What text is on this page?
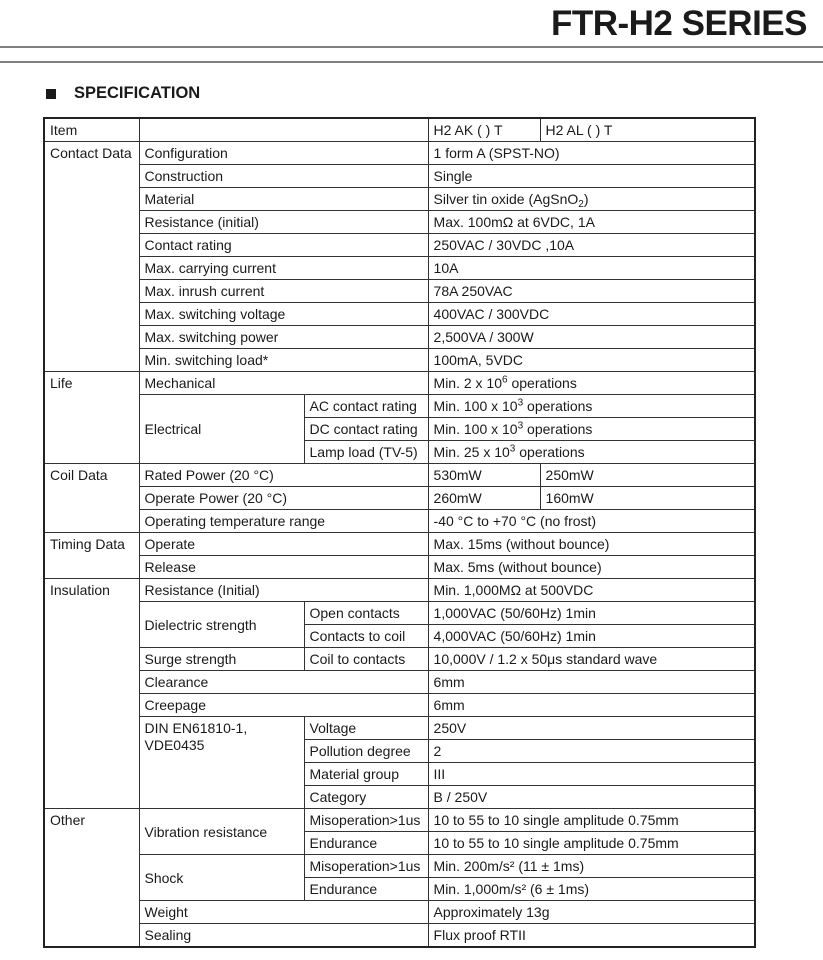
FTR-H2 SERIES
SPECIFICATION
Item			H2 AK ( ) T	H2 AL ( ) T
Contact Data	Configuration		1 form A (SPST-NO)	
	Construction		Single	
	Material		Silver tin oxide (AgSnO$_2$)	
	Resistance (initial)		Max. 100mΩ at 6VDC, 1A	
	Contact rating		250VAC / 30VDC ,10A	
	Max. carrying current		10A	
	Max. inrush current		78A 250VAC	
	Max. switching voltage		400VAC / 300VDC	
	Max. switching power		2,500VA / 300W	
	Min. switching load*		100mA, 5VDC	
Life	Mechanical		Min. 2 x $10^6$ operations	
	Electrical	AC contact rating	Min. 100 x $10^3$ operations	
		DC contact rating	Min. 100 x $10^3$ operations	
		Lamp load (TV-5)	Min. 25 x $10^3$ operations	
Coil Data	Rated Power (20 °C)		530mW	250mW
	Operate Power (20 °C)		260mW	160mW
	Operating temperature range		-40 °C to +70 °C (no frost)	
Timing Data	Operate		Max. 15ms (without bounce)	
	Release		Max. 5ms (without bounce)	
Insulation	Resistance (Initial)		Min. 1,000MΩ at 500VDC	
	Dielectric strength	Open contacts	1,000VAC (50/60Hz) 1min	
		Contacts to coil	4,000VAC (50/60Hz) 1min	
	Surge strength	Coil to contacts	10,000V / 1.2 x 50μs standard wave	
	Clearance		6mm	
	Creepage		6mm	
	DIN EN61810-1, VDE0435	Voltage	250V	
		Pollution degree	2	
		Material group	III	
		Category	B / 250V	
Other	Vibration resistance	Misoperation>1us	10 to 55 to 10 single amplitude 0.75mm	
		Endurance	10 to 55 to 10 single amplitude 0.75mm	
	Shock	Misoperation>1us	Min. 200m/s² (11 ± 1ms)	
		Endurance	Min. 1,000m/s² (6 ± 1ms)	
	Weight		Approximately 13g	
	Sealing		Flux proof RTII	
